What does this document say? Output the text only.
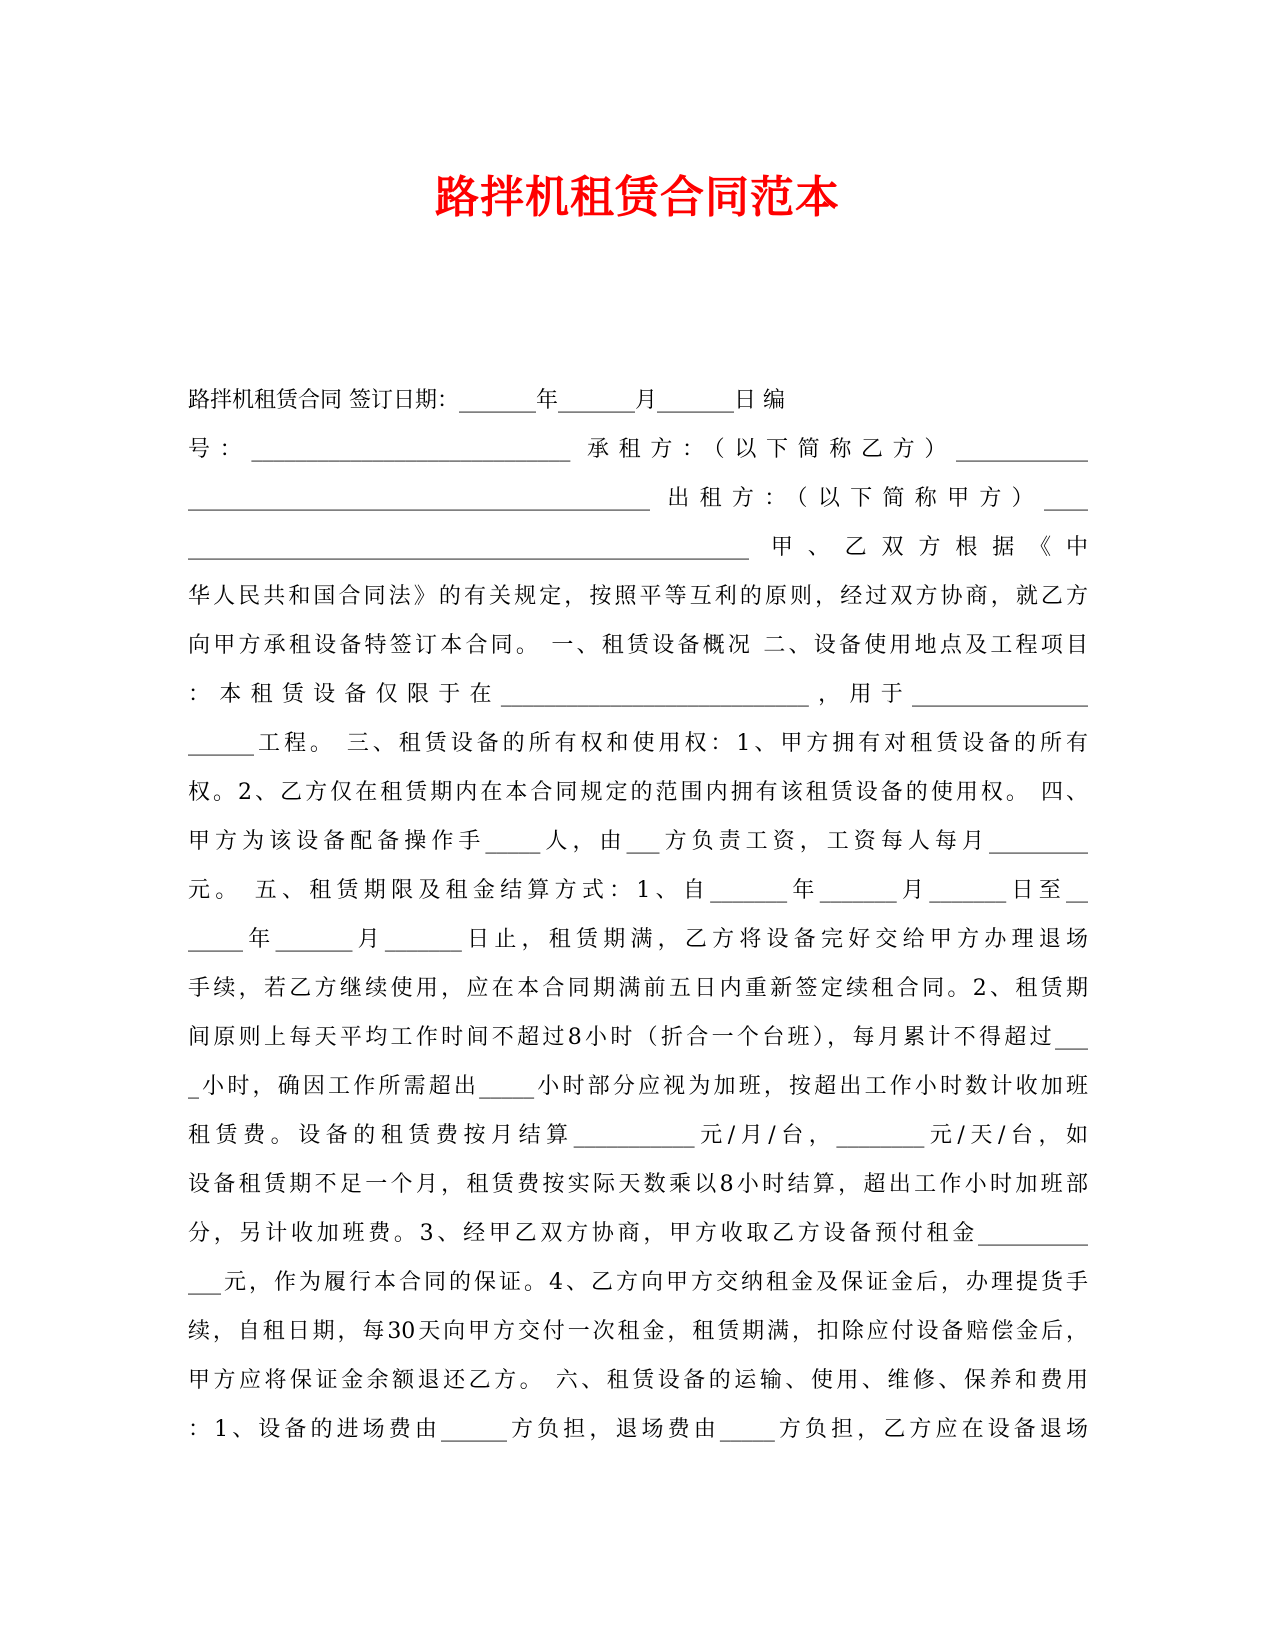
路拌机租赁合同范本
路拌机租赁合同 签订日期：_______年_______月_______日 编
号：_____________________________ 承租方：（以下简称乙方）____________
__________________________________________ 出租方：（以下简称甲方）____
___________________________________________________ 甲、乙双方根据《中
华人民共和国合同法》的有关规定，按照平等互利的原则，经过双方协商，就乙方
向甲方承租设备特签订本合同。 一、租赁设备概况 二、设备使用地点及工程项目
：本租赁设备仅限于在____________________________，用于________________
______工程。 三、租赁设备的所有权和使用权：1、甲方拥有对租赁设备的所有
权。2、乙方仅在租赁期内在本合同规定的范围内拥有该租赁设备的使用权。 四、
甲方为该设备配备操作手_____人，由___方负责工资，工资每人每月_________
元。 五、租赁期限及租金结算方式：1、自_______年_______月_______日至__
_____年_______月_______日止，租赁期满，乙方将设备完好交给甲方办理退场
手续，若乙方继续使用，应在本合同期满前五日内重新签定续租合同。2、租赁期
间原则上每天平均工作时间不超过8小时（折合一个台班），每月累计不得超过___
_小时，确因工作所需超出_____小时部分应视为加班，按超出工作小时数计收加班
租赁费。设备的租赁费按月结算___________元/月/台，________元/天/台，如
设备租赁期不足一个月，租赁费按实际天数乘以8小时结算，超出工作小时加班部
分，另计收加班费。3、经甲乙双方协商，甲方收取乙方设备预付租金__________
___元，作为履行本合同的保证。4、乙方向甲方交纳租金及保证金后，办理提货手
续，自租日期，每30天向甲方交付一次租金，租赁期满，扣除应付设备赔偿金后，
甲方应将保证金余额退还乙方。 六、租赁设备的运输、使用、维修、保养和费用
：1、设备的进场费由______方负担，退场费由_____方负担，乙方应在设备退场
